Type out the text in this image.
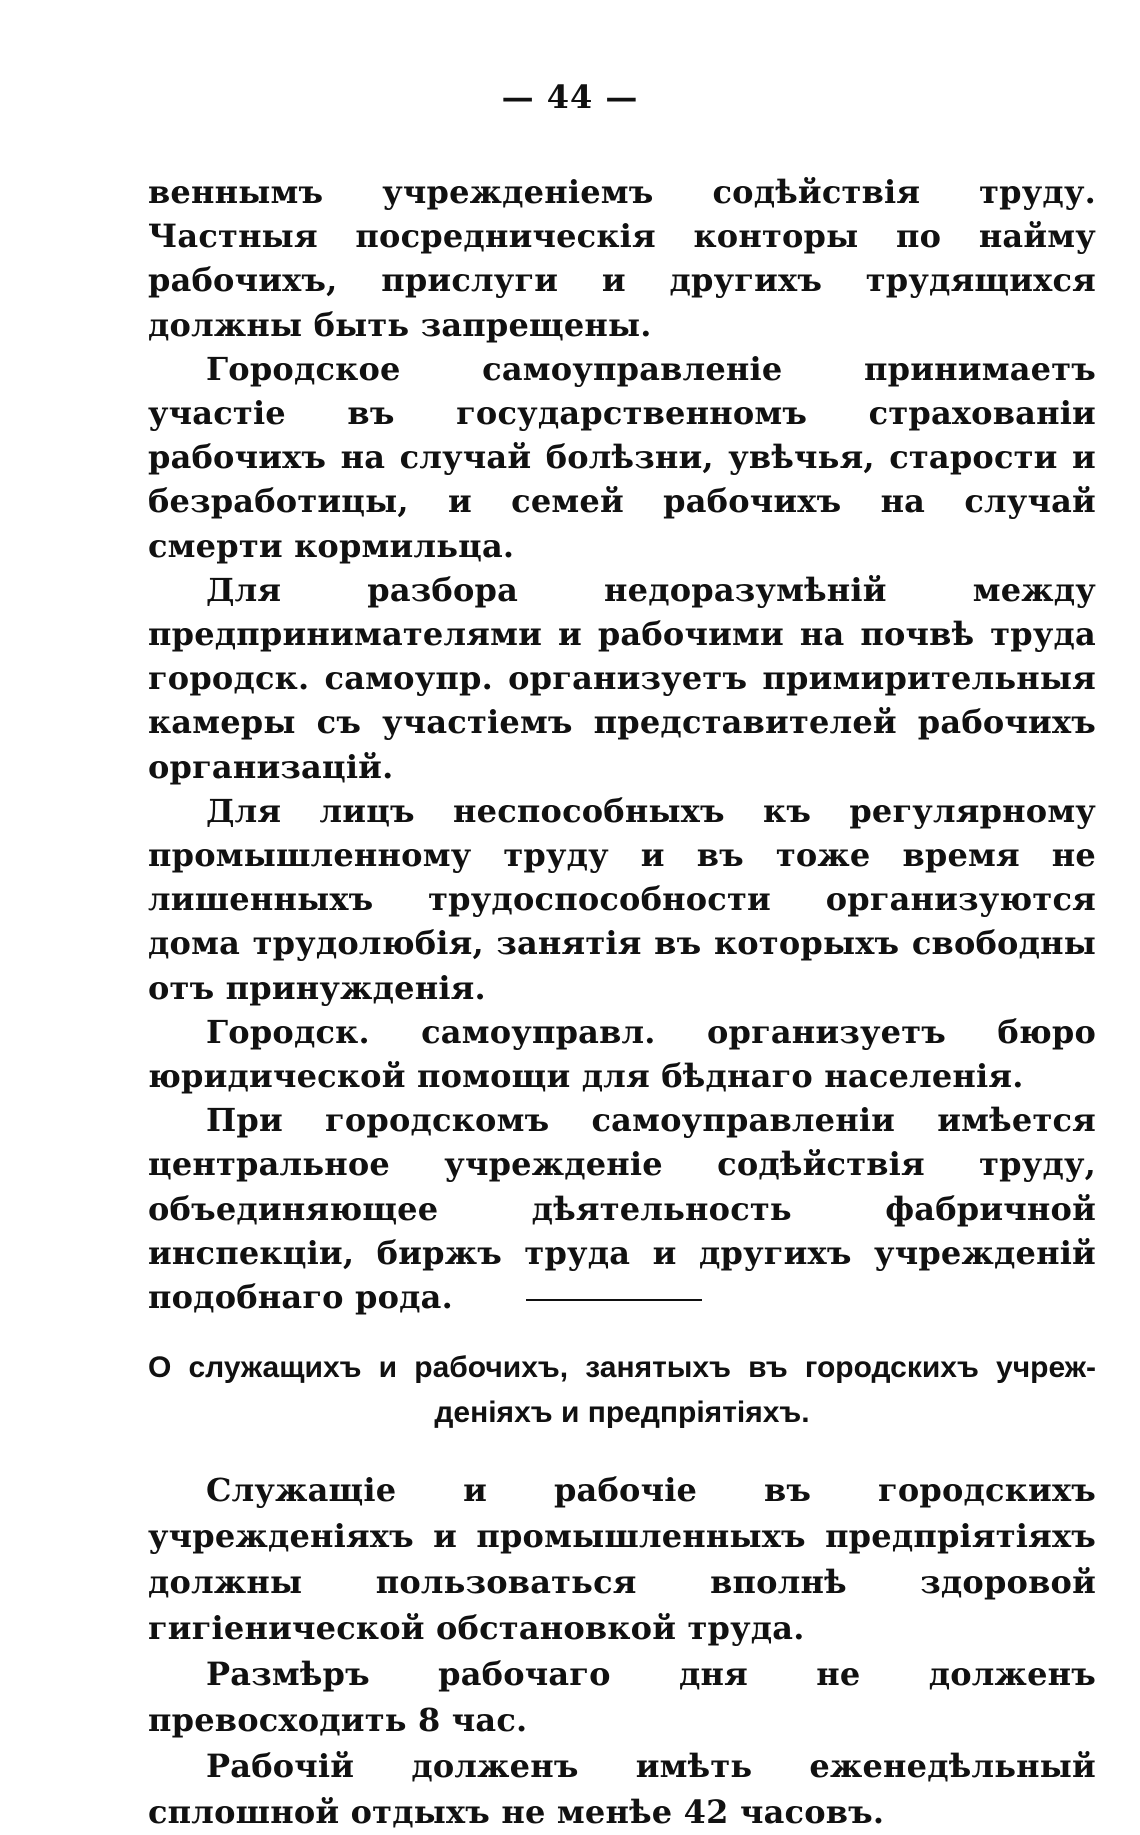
— 44 —

веннымъ учрежденіемъ содѣйствія труду. Частныя посредническія конторы по найму рабочихъ, прислуги и другихъ трудящихся должны быть запрещены.

Городское самоуправленіе принимаетъ участіе въ государственномъ страхованіи рабочихъ на случай болѣзни, увѣчья, старости и безработицы, и семей рабочихъ на случай смерти кормильца.

Для разбора недоразумѣній между предпринимателями и рабочими на почвѣ труда городск. самоупр. организуетъ примирительныя камеры съ участіемъ представителей рабочихъ организацій.

Для лицъ неспособныхъ къ регулярному промышленному труду и въ тоже время не лишенныхъ трудоспособности организуются дома трудолюбія, занятія въ которыхъ свободны отъ принужденія.

Городск. самоуправл. организуетъ бюро юридической помощи для бѣднаго населенія.

При городскомъ самоуправленіи имѣется центральное учрежденіе содѣйствія труду, объединяющее дѣятельность фабричной инспекціи, биржъ труда и другихъ учрежденій подобнаго рода.

О служащихъ и рабочихъ, занятыхъ въ городскихъ учреж-
деніяхъ и предпріятіяхъ.

Служащіе и рабочіе въ городскихъ учрежденіяхъ и промышленныхъ предпріятіяхъ должны пользоваться вполнѣ здоровой гигіенической обстановкой труда.

Размѣръ рабочаго дня не долженъ превосходить 8 час.

Рабочій долженъ имѣть еженедѣльный сплошной отдыхъ не менѣе 42 часовъ.
